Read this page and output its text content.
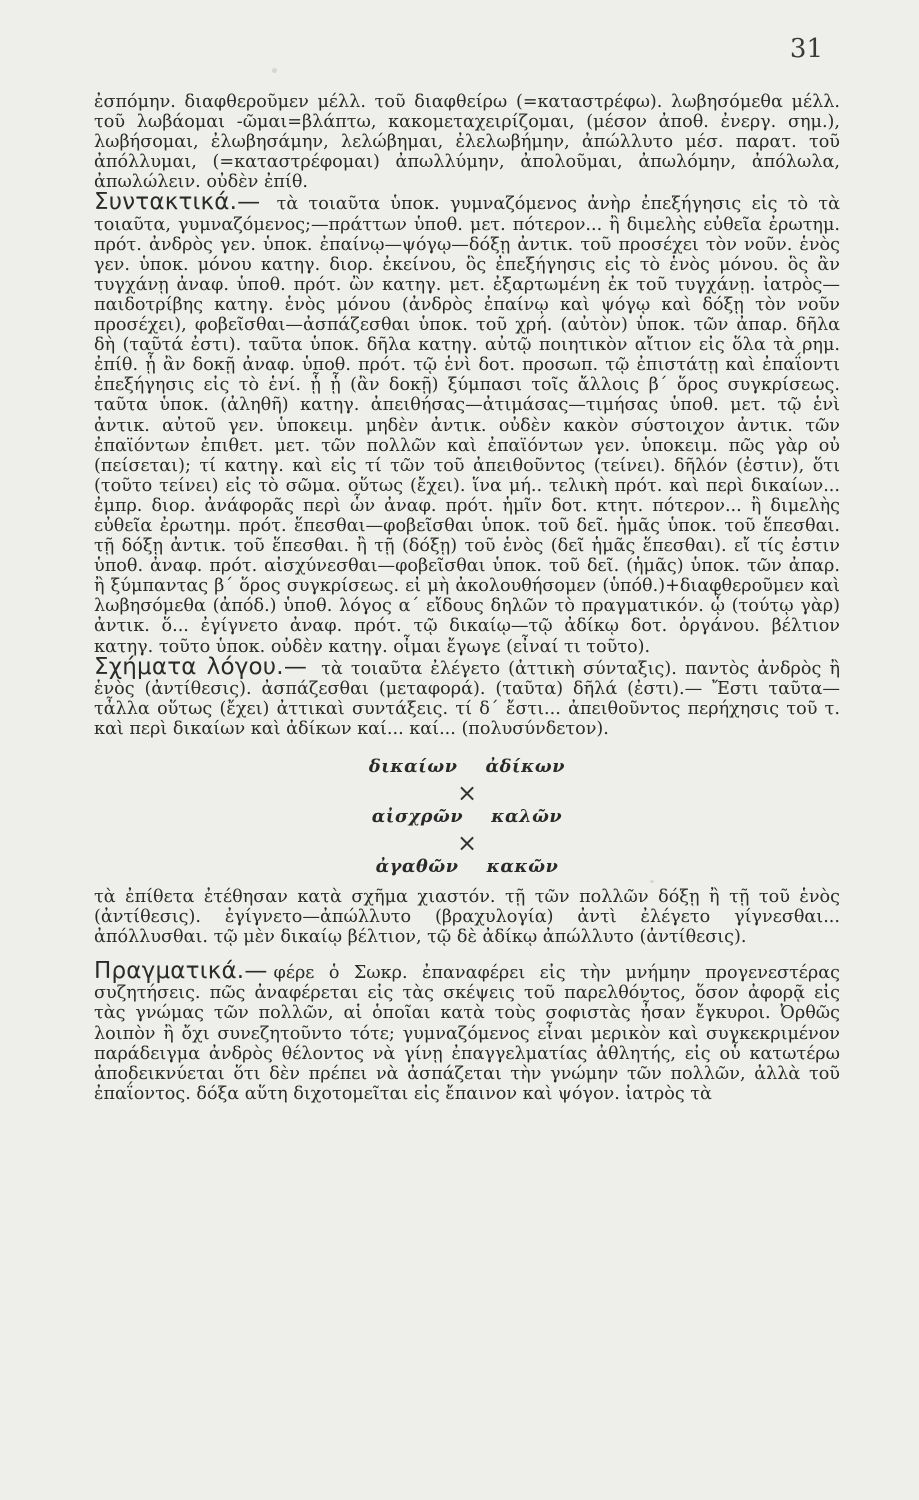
31

ἐσπόμην. διαφθεροῦμεν μέλλ. τοῦ διαφθείρω (=καταστρέφω). λωβησόμεθα μέλλ. τοῦ λωβάομαι -ῶμαι=βλάπτω, κακομεταχειρίζομαι, (μέσον ἀποθ. ἐνεργ. σημ.), λωβήσομαι, ἐλωβησάμην, λελώβημαι, ἐλελωβήμην, ἀπώλλυτο μέσ. παρατ. τοῦ ἀπόλλυμαι, (=καταστρέφομαι) ἀπωλλύμην, ἀπολοῦμαι, ἀπωλόμην, ἀπόλωλα, ἀπωλώλειν. οὐδὲν ἐπίθ.

Συντακτικά.— τὰ τοιαῦτα ὑποκ. γυμναζόμενος ἀνὴρ ἐπεξήγησις εἰς τὸ τὰ τοιαῦτα, γυμναζόμενος;—πράττων ὑποθ. μετ. πότερον... ἢ διμελὴς εὐθεῖα ἐρωτημ. πρότ. ἀνδρὸς γεν. ὑποκ. ἐπαίνῳ—ψόγῳ—δόξῃ ἀντικ. τοῦ προσέχει τὸν νοῦν. ἑνὸς γεν. ὑποκ. μόνου κατηγ. διορ. ἐκείνου, ὃς ἐπεξήγησις εἰς τὸ ἑνὸς μόνου. ὃς ἂν τυγχάνῃ ἀναφ. ὑποθ. πρότ. ὢν κατηγ. μετ. ἐξαρτωμένη ἐκ τοῦ τυγχάνῃ. ἰατρὸς—παιδοτρίβης κατηγ. ἑνὸς μόνου (ἀνδρὸς ἐπαίνῳ καὶ ψόγῳ καὶ δόξῃ τὸν νοῦν προσέχει), φοβεῖσθαι—ἀσπάζεσθαι ὑποκ. τοῦ χρή. (αὐτὸν) ὑποκ. τῶν ἀπαρ. δῆλα δὴ (ταῦτά ἐστι). ταῦτα ὑποκ. δῆλα κατηγ. αὐτῷ ποιητικὸν αἴτιον εἰς ὅλα τὰ ρημ. ἐπίθ. ᾗ ἂν δοκῇ ἀναφ. ὑποθ. πρότ. τῷ ἑνὶ δοτ. προσωπ. τῷ ἐπιστάτῃ καὶ ἐπαΐοντι ἐπεξήγησις εἰς τὸ ἑνί. ᾗ ᾗ (ἂν δοκῇ) ξύμπασι τοῖς ἄλλοις β΄ ὅρος συγκρίσεως. ταῦτα ὑποκ. (ἀληθῆ) κατηγ. ἀπειθήσας—ἀτιμάσας—τιμήσας ὑποθ. μετ. τῷ ἑνὶ ἀντικ. αὐτοῦ γεν. ὑποκειμ. μηδὲν ἀντικ. οὐδὲν κακὸν σύστοιχον ἀντικ. τῶν ἐπαϊόντων ἐπιθετ. μετ. τῶν πολλῶν καὶ ἐπαϊόντων γεν. ὑποκειμ. πῶς γὰρ οὐ (πείσεται); τί κατηγ. καὶ εἰς τί τῶν τοῦ ἀπειθοῦντος (τείνει). δῆλόν (ἐστιν), ὅτι (τοῦτο τείνει) εἰς τὸ σῶμα. οὕτως (ἔχει). ἵνα μή.. τελικὴ πρότ. καὶ περὶ δικαίων... ἐμπρ. διορ. ἀνάφορᾶς περὶ ὧν ἀναφ. πρότ. ἡμῖν δοτ. κτητ. πότερον... ἢ διμελὴς εὐθεῖα ἐρωτημ. πρότ. ἕπεσθαι—φοβεῖσθαι ὑποκ. τοῦ δεῖ. ἡμᾶς ὑποκ. τοῦ ἕπεσθαι. τῇ δόξῃ ἀντικ. τοῦ ἕπεσθαι. ἢ τῇ (δόξῃ) τοῦ ἑνὸς (δεῖ ἡμᾶς ἕπεσθαι). εἴ τίς ἐστιν ὑποθ. ἀναφ. πρότ. αἰσχύνεσθαι—φοβεῖσθαι ὑποκ. τοῦ δεῖ. (ἡμᾶς) ὑποκ. τῶν ἀπαρ. ἢ ξύμπαντας β΄ ὅρος συγκρίσεως. εἰ μὴ ἀκολουθήσομεν (ὑπόθ.)+διαφθεροῦμεν καὶ λωβησόμεθα (ἀπόδ.) ὑποθ. λόγος α΄ εἴδους δηλῶν τὸ πραγματικόν. ᾧ (τούτῳ γὰρ) ἀντικ. ὅ... ἐγίγνετο ἀναφ. πρότ. τῷ δικαίῳ—τῷ ἀδίκῳ δοτ. ὀργάνου. βέλτιον κατηγ. τοῦτο ὑποκ. οὐδὲν κατηγ. οἶμαι ἔγωγε (εἶναί τι τοῦτο).

Σχήματα λόγου.— τὰ τοιαῦτα ἐλέγετο (ἀττικὴ σύνταξις). παντὸς ἀνδρὸς ἢ ἑνὸς (ἀντίθεσις). ἀσπάζεσθαι (μεταφορά). (ταῦτα) δῆλά (ἐστι).— Ἔστι ταῦτα—τἆλλα οὕτως (ἔχει) ἀττικαὶ συντάξεις. τί δ΄ ἔστι... ἀπειθοῦντος περήχησις τοῦ τ. καὶ περὶ δικαίων καὶ ἀδίκων καί... καί... (πολυσύνδετον).

δικαίων ἀδίκων
×
αἰσχρῶν καλῶν
×
ἀγαθῶν κακῶν

τὰ ἐπίθετα ἐτέθησαν κατὰ σχῆμα χιαστόν. τῇ τῶν πολλῶν δόξῃ ἢ τῇ τοῦ ἑνὸς (ἀντίθεσις). ἐγίγνετο—ἀπώλλυτο (βραχυλογία) ἀντὶ ἐλέγετο γίγνεσθαι... ἀπόλλυσθαι. τῷ μὲν δικαίῳ βέλτιον, τῷ δὲ ἀδίκῳ ἀπώλλυτο (ἀντίθεσις).

Πραγματικά.— φέρε ὁ Σωκρ. ἐπαναφέρει εἰς τὴν μνήμην προγενεστέρας συζητήσεις. πῶς ἀναφέρεται εἰς τὰς σκέψεις τοῦ παρελθόντος, ὅσον ἀφορᾷ εἰς τὰς γνώμας τῶν πολλῶν, αἱ ὁποῖαι κατὰ τοὺς σοφιστὰς ἦσαν ἔγκυροι. Ὀρθῶς λοιπὸν ἢ ὄχι συνεζητοῦντο τότε; γυμναζόμενος εἶναι μερικὸν καὶ συγκεκριμένον παράδειγμα ἀνδρὸς θέλοντος νὰ γίνῃ ἐπαγγελματίας ἀθλητής, εἰς οὗ κατωτέρω ἀποδεικνύεται ὅτι δὲν πρέπει νὰ ἀσπάζεται τὴν γνώμην τῶν πολλῶν, ἀλλὰ τοῦ ἐπαΐοντος. δόξα αὕτη διχοτομεῖται εἰς ἔπαινον καὶ ψόγον. ἰατρὸς τὰ
